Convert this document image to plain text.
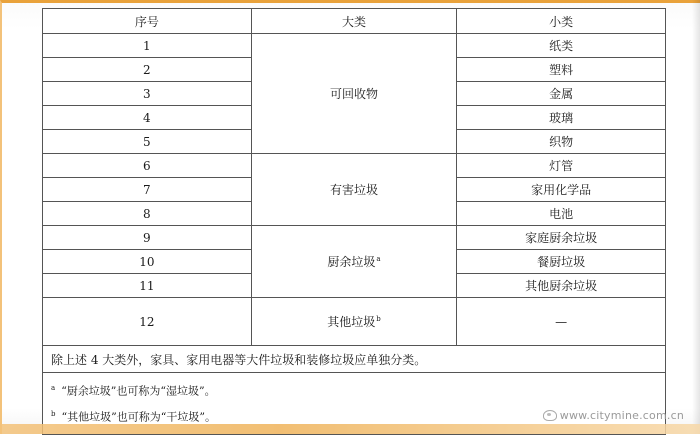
序号	大类	小类
1	可回收物	纸类
2		塑料
3		金属
4		玻璃
5		织物
6	有害垃圾	灯管
7		家用化学品
8		电池
9	厨余垃圾$^a$	家庭厨余垃圾
10		餐厨垃圾
11		其他厨余垃圾
12	其他垃圾$^b$	—
除上述 4 大类外，家具、家用电器等大件垃圾和装修垃圾应单独分类。		

$^a$ “厨余垃圾”也可称为“湿垃圾”。
$^b$ “其他垃圾”也可称为“干垃圾”。			www.citymine.com.cn
